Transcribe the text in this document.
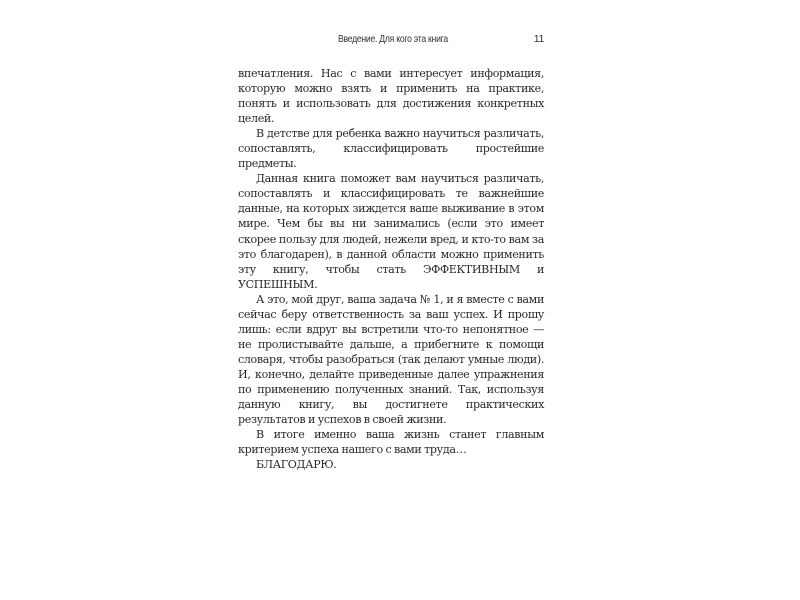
Введение. Для кого эта книга	11

впечатления. Нас с вами интересует информация, которую можно взять и применить на практике, понять и использовать для достижения конкретных целей.

В детстве для ребенка важно научиться различать, сопоставлять, классифицировать простейшие предметы.

Данная книга поможет вам научиться различать, сопоставлять и классифицировать те важнейшие данные, на которых зиждется ваше выживание в этом мире. Чем бы вы ни занимались (если это имеет скорее пользу для людей, нежели вред, и кто-то вам за это благодарен), в данной области можно применить эту книгу, чтобы стать ЭФФЕКТИВНЫМ и УСПЕШНЫМ.

А это, мой друг, ваша задача № 1, и я вместе с вами сейчас беру ответственность за ваш успех. И прошу лишь: если вдруг вы встретили что-то непонятное — не пролистывайте дальше, а прибегните к помощи словаря, чтобы разобраться (так делают умные люди). И, конечно, делайте приведенные далее упражнения по применению полученных знаний. Так, используя данную книгу, вы достигнете практических результатов и успехов в своей жизни.

В итоге именно ваша жизнь станет главным критерием успеха нашего с вами труда…

БЛАГОДАРЮ.
